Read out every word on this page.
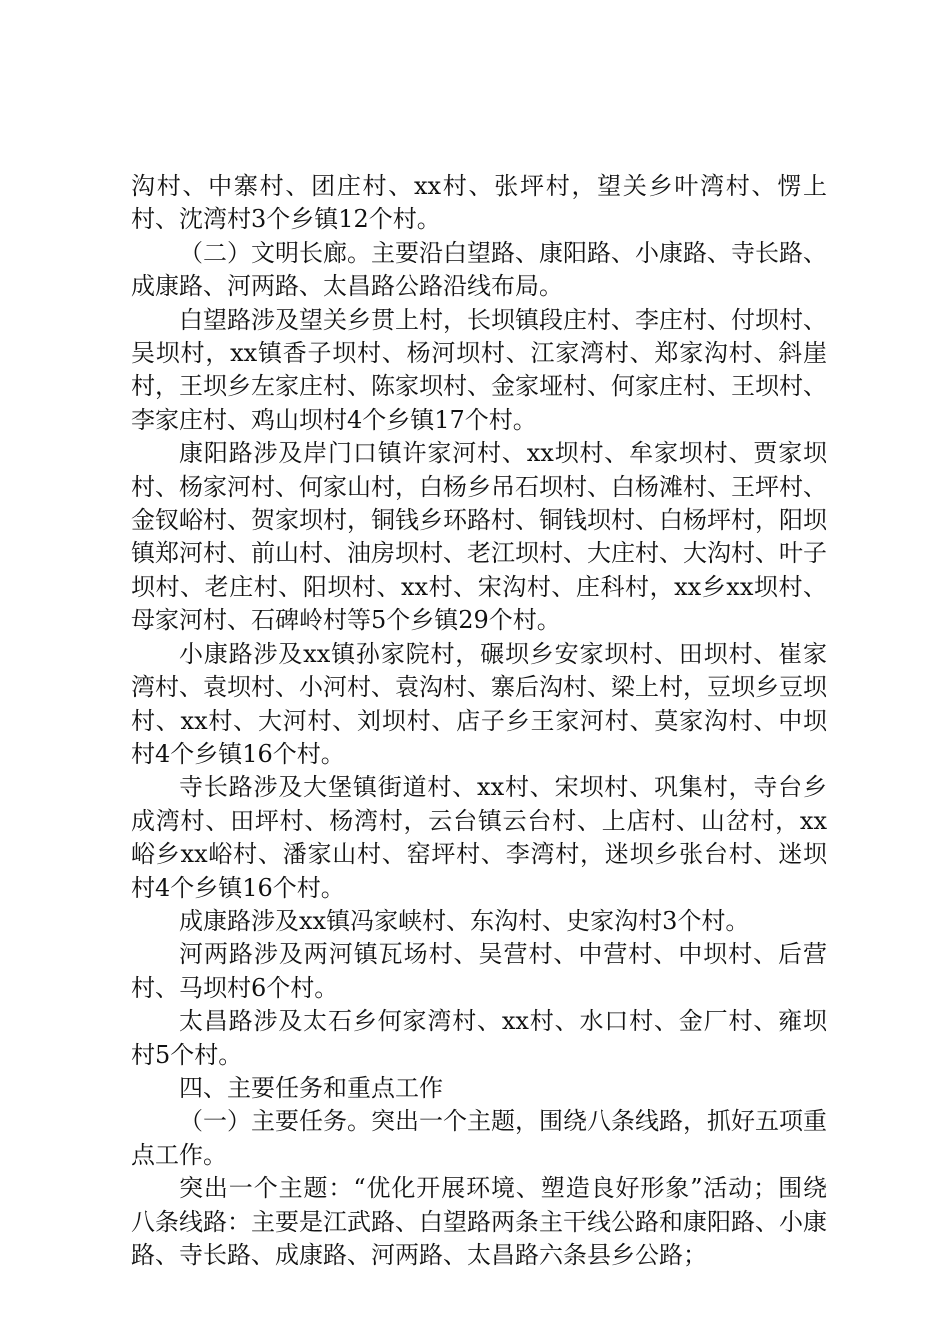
沟村、中寨村、团庄村、xx村、张坪村，望关乡叶湾村、愣上村、沈湾村3个乡镇12个村。

（二）文明长廊。主要沿白望路、康阳路、小康路、寺长路、成康路、河两路、太昌路公路沿线布局。

白望路涉及望关乡贯上村，长坝镇段庄村、李庄村、付坝村、吴坝村，xx镇香子坝村、杨河坝村、江家湾村、郑家沟村、斜崖村，王坝乡左家庄村、陈家坝村、金家垭村、何家庄村、王坝村、李家庄村、鸡山坝村4个乡镇17个村。

康阳路涉及岸门口镇许家河村、xx坝村、牟家坝村、贾家坝村、杨家河村、何家山村，白杨乡吊石坝村、白杨滩村、王坪村、金钗峪村、贺家坝村，铜钱乡环路村、铜钱坝村、白杨坪村，阳坝镇郑河村、前山村、油房坝村、老江坝村、大庄村、大沟村、叶子坝村、老庄村、阳坝村、xx村、宋沟村、庄科村，xx乡xx坝村、母家河村、石碑岭村等5个乡镇29个村。

小康路涉及xx镇孙家院村，碾坝乡安家坝村、田坝村、崔家湾村、袁坝村、小河村、袁沟村、寨后沟村、梁上村，豆坝乡豆坝村、xx村、大河村、刘坝村、店子乡王家河村、莫家沟村、中坝村4个乡镇16个村。

寺长路涉及大堡镇街道村、xx村、宋坝村、巩集村，寺台乡成湾村、田坪村、杨湾村，云台镇云台村、上店村、山岔村，xx峪乡xx峪村、潘家山村、窑坪村、李湾村，迷坝乡张台村、迷坝村4个乡镇16个村。

成康路涉及xx镇冯家峡村、东沟村、史家沟村3个村。

河两路涉及两河镇瓦场村、吴营村、中营村、中坝村、后营村、马坝村6个村。

太昌路涉及太石乡何家湾村、xx村、水口村、金厂村、雍坝村5个村。

四、主要任务和重点工作

（一）主要任务。突出一个主题，围绕八条线路，抓好五项重点工作。

突出一个主题：“优化开展环境、塑造良好形象”活动；围绕八条线路：主要是江武路、白望路两条主干线公路和康阳路、小康路、寺长路、成康路、河两路、太昌路六条县乡公路；
